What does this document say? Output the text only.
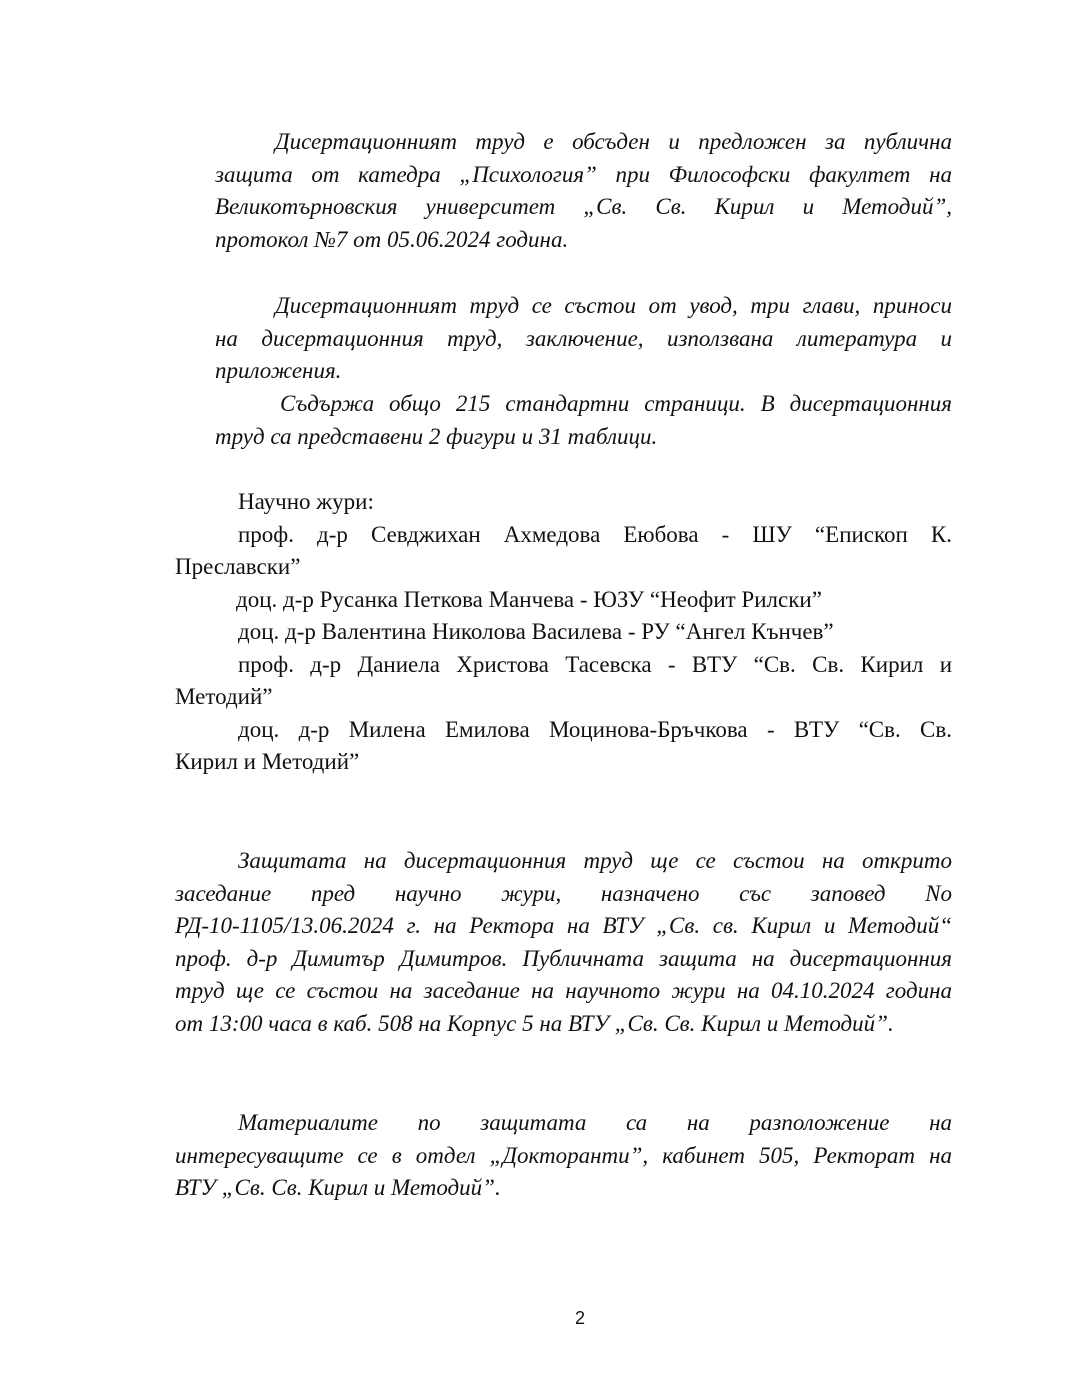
Дисертационният труд е обсъден и предложен за публична
защита от катедра „Психология” при Философски факултет на
Великотърновския университет „Св. Св. Кирил и Методий”,
протокол №7 от 05.06.2024 година.
Дисертационният труд се състои от увод, три глави, приноси
на дисертационния труд, заключение, използвана литература и
приложения.
Съдържа общо 215 стандартни страници. В дисертационния
труд са представени 2 фигури и 31 таблици.
Научно жури:
проф. д-р Севджихан Ахмедова Еюбова - ШУ “Епископ К.
Преславски”
доц. д-р Русанка Петкова Манчева - ЮЗУ “Неофит Рилски”
доц. д-р Валентина Николова Василева - РУ “Ангел Кънчев”
проф. д-р Даниела Христова Тасевска - ВТУ “Св. Св. Кирил и
Методий”
доц. д-р Милена Емилова Моцинова-Бръчкова - ВТУ “Св. Св.
Кирил и Методий”
Защитата на дисертационния труд ще се състои на открито
заседание пред научно жури, назначено със заповед No
РД-10-1105/13.06.2024 г. на Ректора на ВТУ „Св. св. Кирил и Методий“
проф. д-р Димитър Димитров. Публичната защита на дисертационния
труд ще се състои на заседание на научното жури на 04.10.2024 година
от 13:00 часа в каб. 508 на Корпус 5 на ВТУ „Св. Св. Кирил и Методий”.
Материалите по защитата са на разположение на
интересуващите се в отдел „Докторанти”, кабинет 505, Ректорат на
ВТУ „Св. Св. Кирил и Методий”.
2
